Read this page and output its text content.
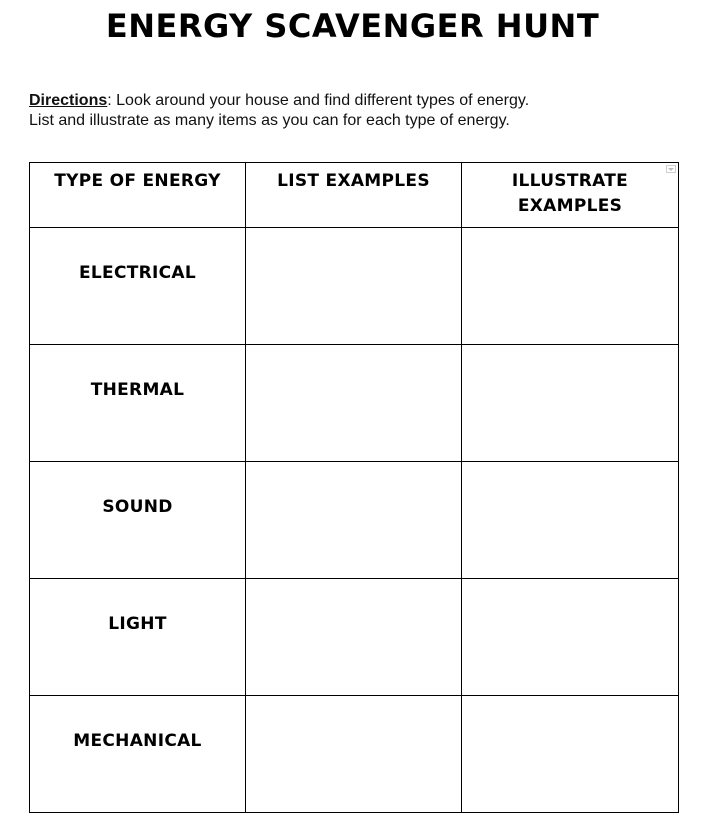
ENERGY SCAVENGER HUNT
Directions: Look around your house and find different types of energy.
List and illustrate as many items as you can for each type of energy.
TYPE OF ENERGY	LIST EXAMPLES	ILLUSTRATE
EXAMPLES

ELECTRICAL		
THERMAL		
SOUND		
LIGHT		
MECHANICAL		
